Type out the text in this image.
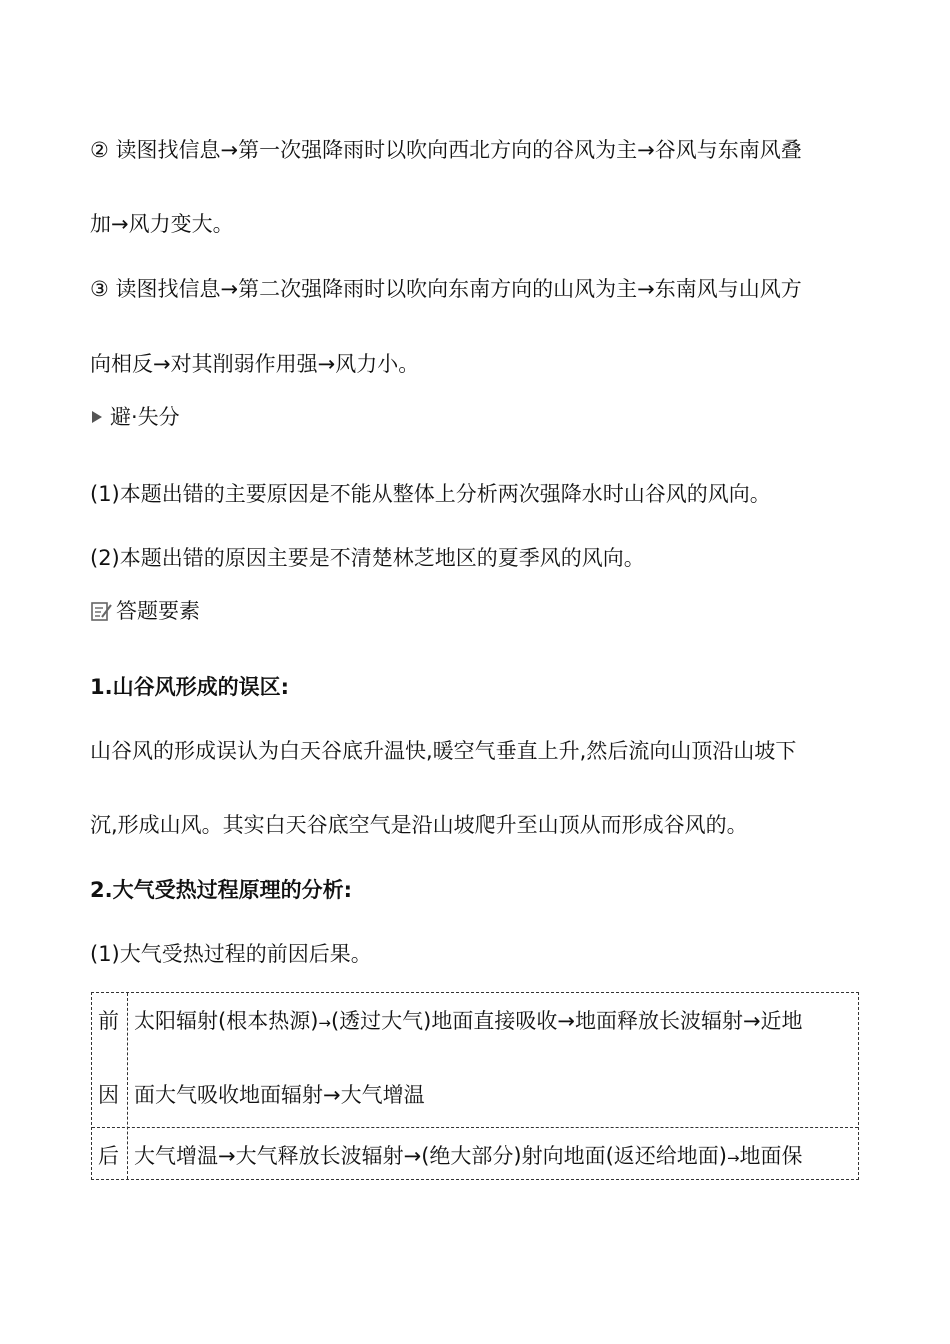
② 读图找信息→第一次强降雨时以吹向西北方向的谷风为主→谷风与东南风叠
加→风力变大。
③ 读图找信息→第二次强降雨时以吹向东南方向的山风为主→东南风与山风方
向相反→对其削弱作用强→风力小。
避·失分
(1)本题出错的主要原因是不能从整体上分析两次强降水时山谷风的风向。
(2)本题出错的原因主要是不清楚林芝地区的夏季风的风向。
答题要素
1.山谷风形成的误区:
山谷风的形成误认为白天谷底升温快,暖空气垂直上升,然后流向山顶沿山坡下
沉,形成山风。其实白天谷底空气是沿山坡爬升至山顶从而形成谷风的。
2.大气受热过程原理的分析:
(1)大气受热过程的前因后果。
前
因
太阳辐射(根本热源)→(透过大气)地面直接吸收→地面释放长波辐射→近地
面大气吸收地面辐射→大气增温
后 大气增温→大气释放长波辐射→(绝大部分)射向地面(返还给地面)→地面保
